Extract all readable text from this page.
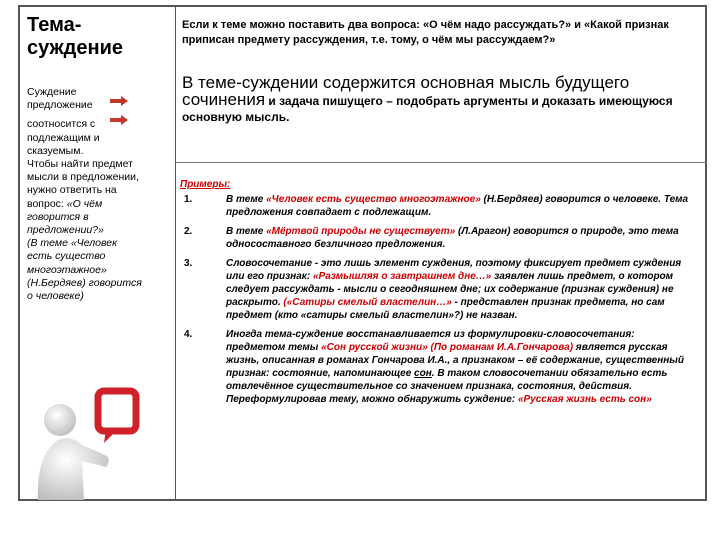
Тема-
суждение
Суждение
предложение
соотносится с
подлежащим и
сказуемым.
Чтобы найти предмет
мысли в предложении,
нужно ответить на
вопрос: «О чём
говорится в
предложении?»
(В теме «Человек
есть существо
многоэтажное»
(Н.Бердяев) говорится
о человеке)
Если к теме можно поставить два вопроса: «О чём надо рассуждать?» и «Какой признак приписан предмету рассуждения, т.е. тому, о чём мы рассуждаем?»
В теме-суждении содержится основная мысль будущего сочинения и задача пишущего – подобрать аргументы и доказать имеющуюся основную мысль.
Примеры:
1.	В теме «Человек есть существо многоэтажное» (Н.Бердяев) говорится о человеке. Тема предложения совпадает с подлежащим.
2.	В теме «Мёртвой природы не существует» (Л.Арагон) говорится о природе, это тема односоставного безличного предложения.
3.	Словосочетание - это лишь элемент суждения, поэтому фиксирует предмет суждения или его признак: «Размышляя о завтрашнем дне…» заявлен лишь предмет, о котором следует рассуждать - мысли о сегодняшнем дне; их содержание (признак суждения) не раскрыто. («Сатиры смелый властелин…» - представлен признак предмета, но сам предмет (кто «сатиры смелый властелин»?) не назван.
4.	Иногда тема-суждение восстанавливается из формулировки-словосочетания: предметом темы «Сон русской жизни» (По романам И.А.Гончарова) является русская жизнь, описанная в романах Гончарова И.А., а признаком – её содержание, существенный признак: состояние, напоминающее сон. В таком словосочетании обязательно есть отвлечённое существительное со значением признака, состояния, действия. Переформулировав тему, можно обнаружить суждение: «Русская жизнь есть сон»
